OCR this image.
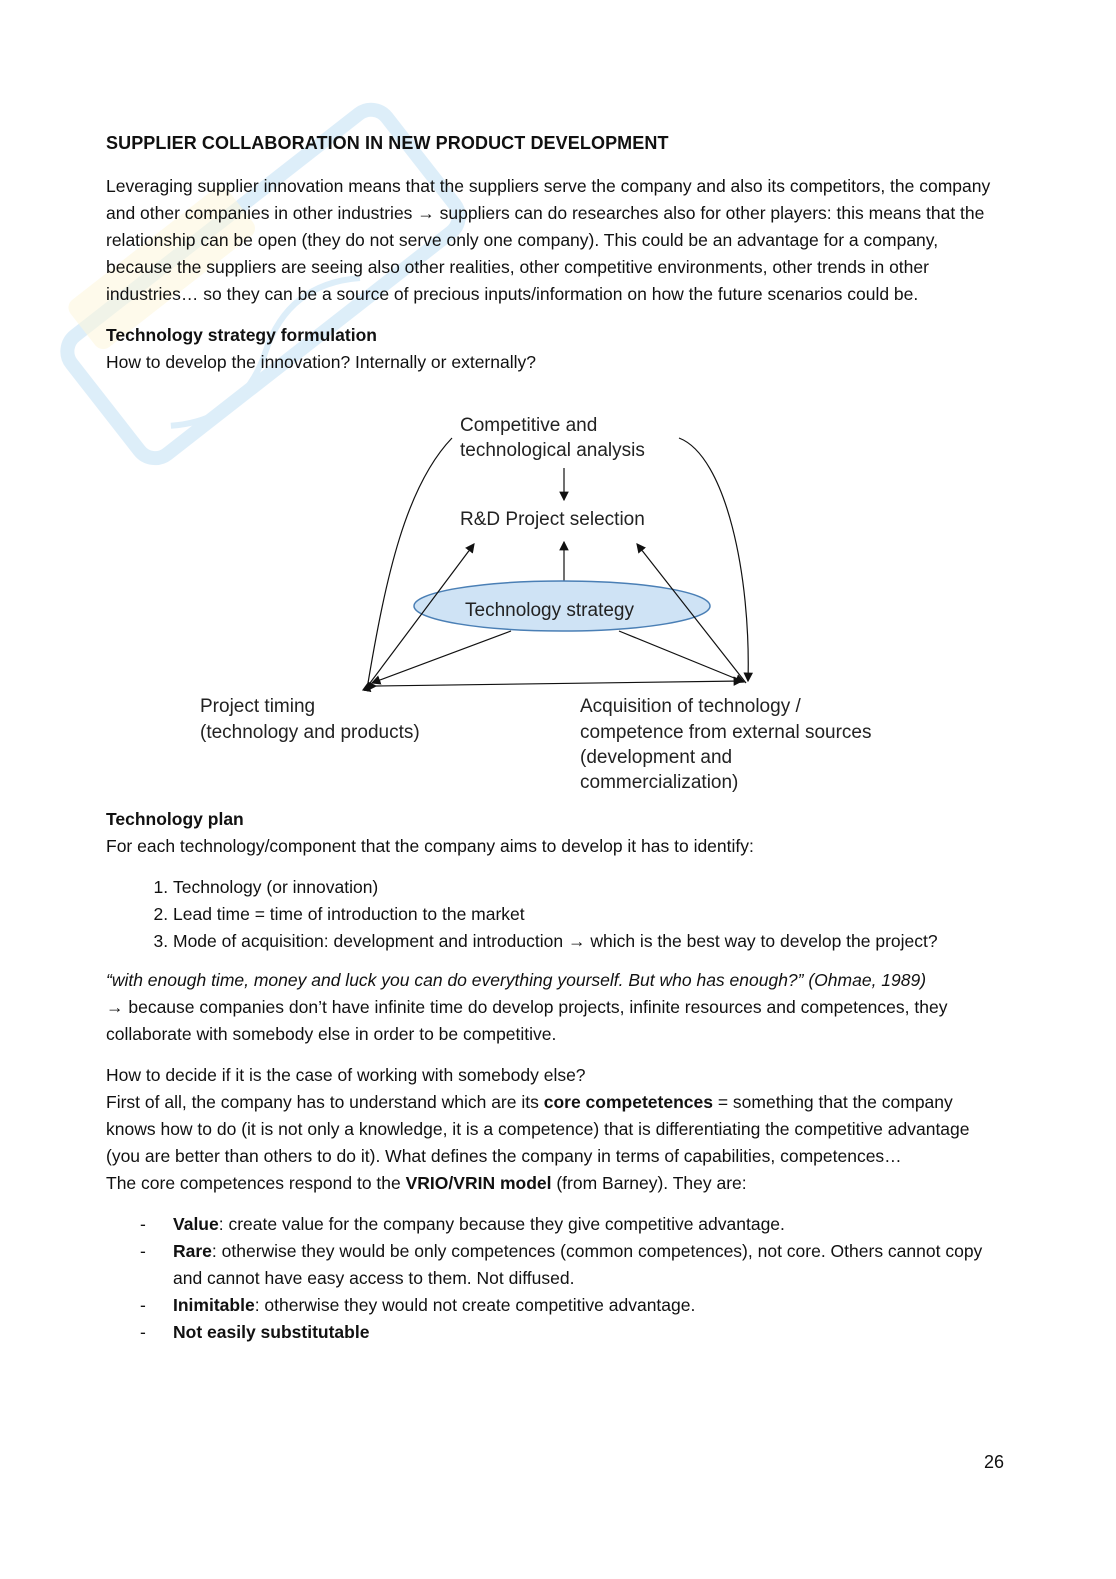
SUPPLIER COLLABORATION IN NEW PRODUCT DEVELOPMENT

Leveraging supplier innovation means that the suppliers serve the company and also its competitors, the company and other companies in other industries → suppliers can do researches also for other players: this means that the relationship can be open (they do not serve only one company). This could be an advantage for a company, because the suppliers are seeing also other realities, other competitive environments, other trends in other industries… so they can be a source of precious inputs/information on how the future scenarios could be.

Technology strategy formulation

How to develop the innovation? Internally or externally?

Competitive and
technological analysis
R&D Project selection
Technology strategy
Project timing
(technology and products)
Acquisition of technology /
competence from external sources
(development and
commercialization)

Technology plan

For each technology/component that the company aims to develop it has to identify:

1. Technology (or innovation)
2. Lead time = time of introduction to the market
3. Mode of acquisition: development and introduction → which is the best way to develop the project?

“with enough time, money and luck you can do everything yourself. But who has enough?” (Ohmae, 1989)

→ because companies don’t have infinite time do develop projects, infinite resources and competences, they collaborate with somebody else in order to be competitive.

How to decide if it is the case of working with somebody else?

First of all, the company has to understand which are its core competetences = something that the company knows how to do (it is not only a knowledge, it is a competence) that is differentiating the competitive advantage (you are better than others to do it). What defines the company in terms of capabilities, competences…

The core competences respond to the VRIO/VRIN model (from Barney). They are:

- Value: create value for the company because they give competitive advantage.
- Rare: otherwise they would be only competences (common competences), not core. Others cannot copy and cannot have easy access to them. Not diffused.
- Inimitable: otherwise they would not create competitive advantage.
- Not easily substitutable
26
